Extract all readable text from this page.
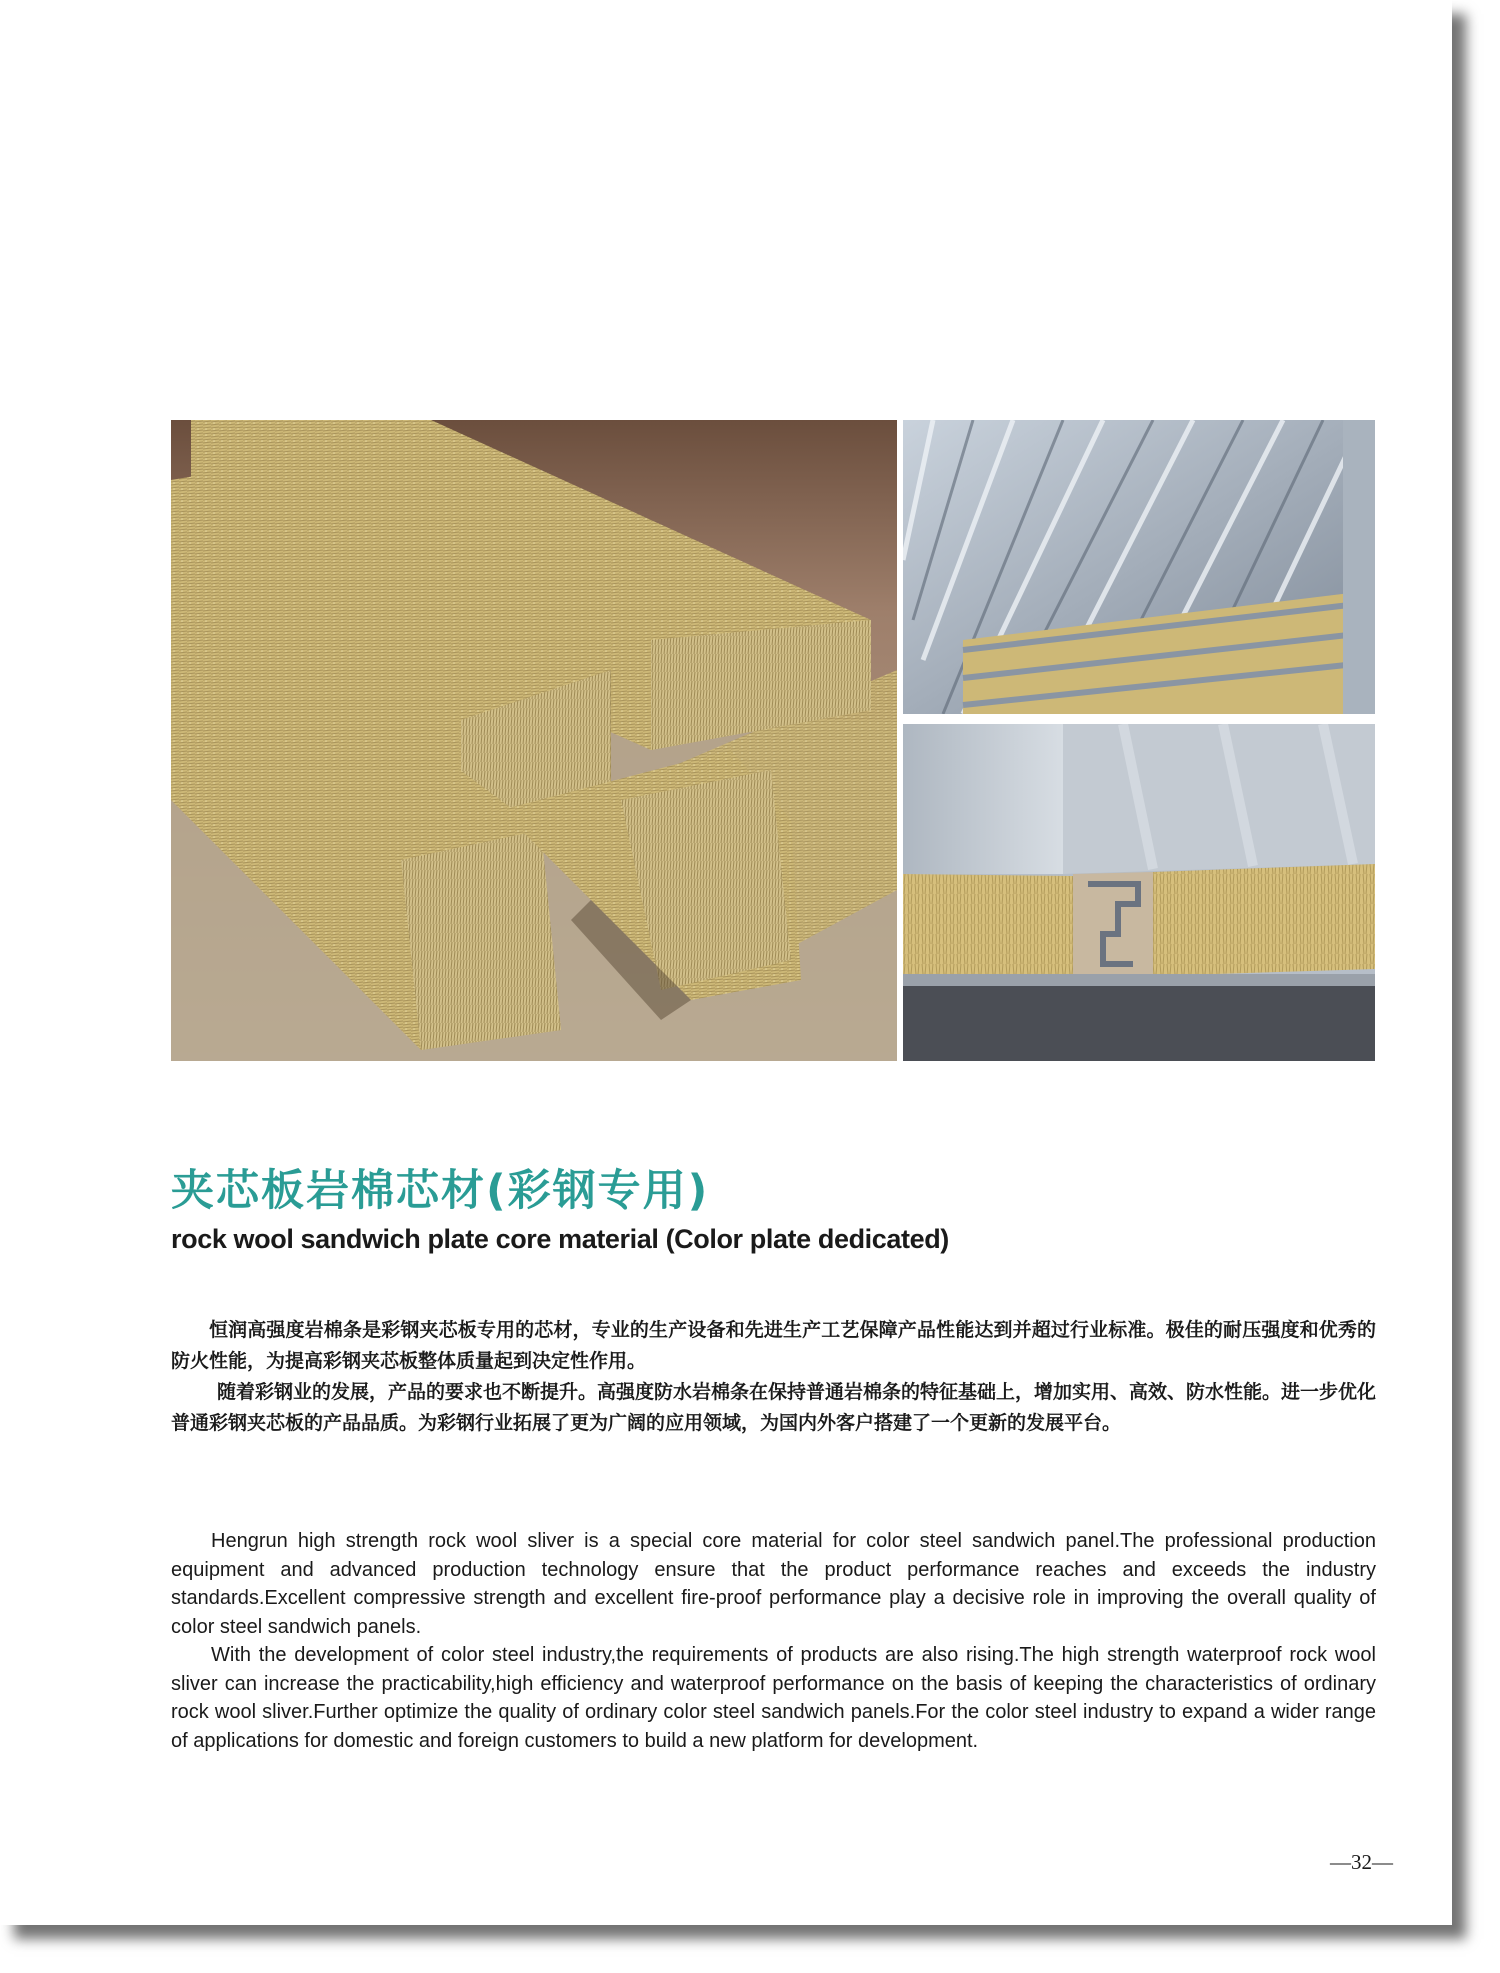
夹芯板岩棉芯材(彩钢专用)
rock wool sandwich plate core material (Color plate dedicated)

恒润高强度岩棉条是彩钢夹芯板专用的芯材，专业的生产设备和先进生产工艺保障产品性能达到并超过行业标准。极佳的耐压强度和优秀的防火性能，为提高彩钢夹芯板整体质量起到决定性作用。

随着彩钢业的发展，产品的要求也不断提升。高强度防水岩棉条在保持普通岩棉条的特征基础上，增加实用、高效、防水性能。进一步优化普通彩钢夹芯板的产品品质。为彩钢行业拓展了更为广阔的应用领域，为国内外客户搭建了一个更新的发展平台。

Hengrun high strength rock wool sliver is a special core material for color steel sandwich panel.The professional production equipment and advanced production technology ensure that the product performance reaches and exceeds the industry standards.Excellent compressive strength and excellent fire-proof performance play a decisive role in improving the overall quality of color steel sandwich panels.

With the development of color steel industry,the requirements of products are also rising.The high strength waterproof rock wool sliver can increase the practicability,high efficiency and waterproof performance on the basis of keeping the characteristics of ordinary rock wool sliver.Further optimize the quality of ordinary color steel sandwich panels.For the color steel industry to expand a wider range of applications for domestic and foreign customers to build a new platform for development.

—32—
